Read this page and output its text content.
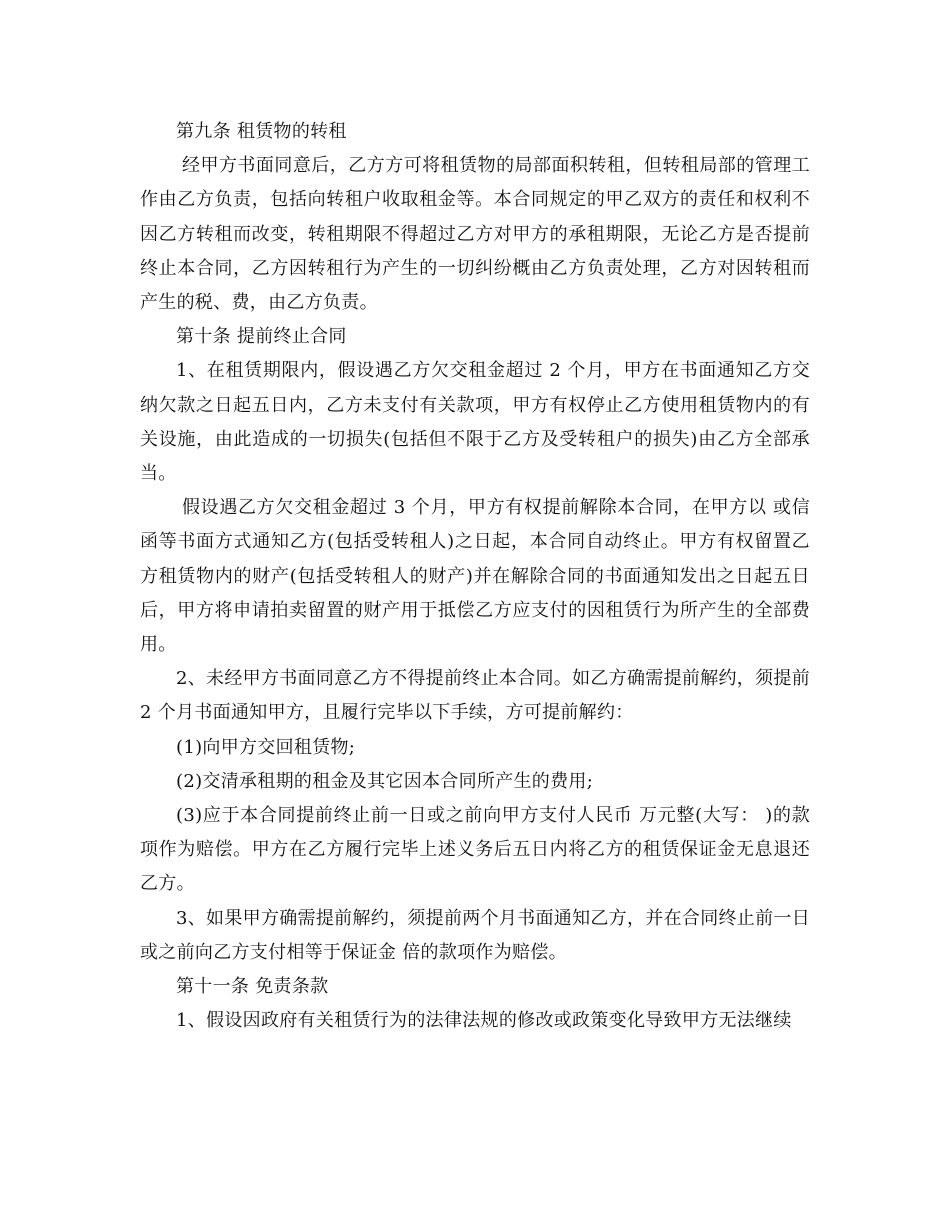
第九条 租赁物的转租

经甲方书面同意后，乙方方可将租赁物的局部面积转租，但转租局部的管理工作由乙方负责，包括向转租户收取租金等。本合同规定的甲乙双方的责任和权利不因乙方转租而改变，转租期限不得超过乙方对甲方的承租期限，无论乙方是否提前终止本合同，乙方因转租行为产生的一切纠纷概由乙方负责处理，乙方对因转租而产生的税、费，由乙方负责。

第十条 提前终止合同

1、在租赁期限内，假设遇乙方欠交租金超过 2 个月，甲方在书面通知乙方交纳欠款之日起五日内，乙方未支付有关款项，甲方有权停止乙方使用租赁物内的有关设施，由此造成的一切损失(包括但不限于乙方及受转租户的损失)由乙方全部承当。

假设遇乙方欠交租金超过 3 个月，甲方有权提前解除本合同，在甲方以 或信函等书面方式通知乙方(包括受转租人)之日起，本合同自动终止。甲方有权留置乙方租赁物内的财产(包括受转租人的财产)并在解除合同的书面通知发出之日起五日后，甲方将申请拍卖留置的财产用于抵偿乙方应支付的因租赁行为所产生的全部费用。

2、未经甲方书面同意乙方不得提前终止本合同。如乙方确需提前解约，须提前 2 个月书面通知甲方，且履行完毕以下手续，方可提前解约：

(1)向甲方交回租赁物;

(2)交清承租期的租金及其它因本合同所产生的费用;

(3)应于本合同提前终止前一日或之前向甲方支付人民币 万元整(大写： )的款项作为赔偿。甲方在乙方履行完毕上述义务后五日内将乙方的租赁保证金无息退还乙方。

3、如果甲方确需提前解约，须提前两个月书面通知乙方，并在合同终止前一日或之前向乙方支付相等于保证金 倍的款项作为赔偿。

第十一条 免责条款

1、假设因政府有关租赁行为的法律法规的修改或政策变化导致甲方无法继续
